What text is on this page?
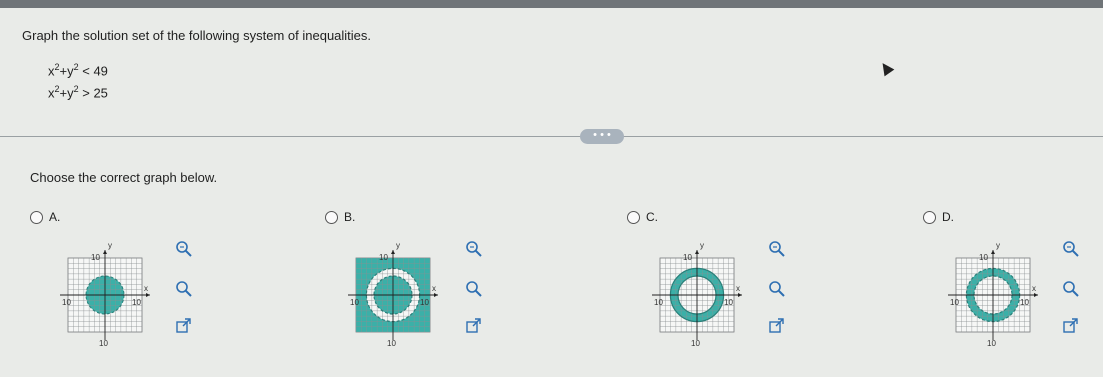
Graph the solution set of the following system of inequalities.
$x^2+y^2 < 49$
$x^2+y^2 > 25$
• • •
Choose the correct graph below.
A.	B.	C.	D.
y
x
10
10
10	10
y
x
10
10
10	10
y
x
10
10
10	10
y
x
10
10
10	10
